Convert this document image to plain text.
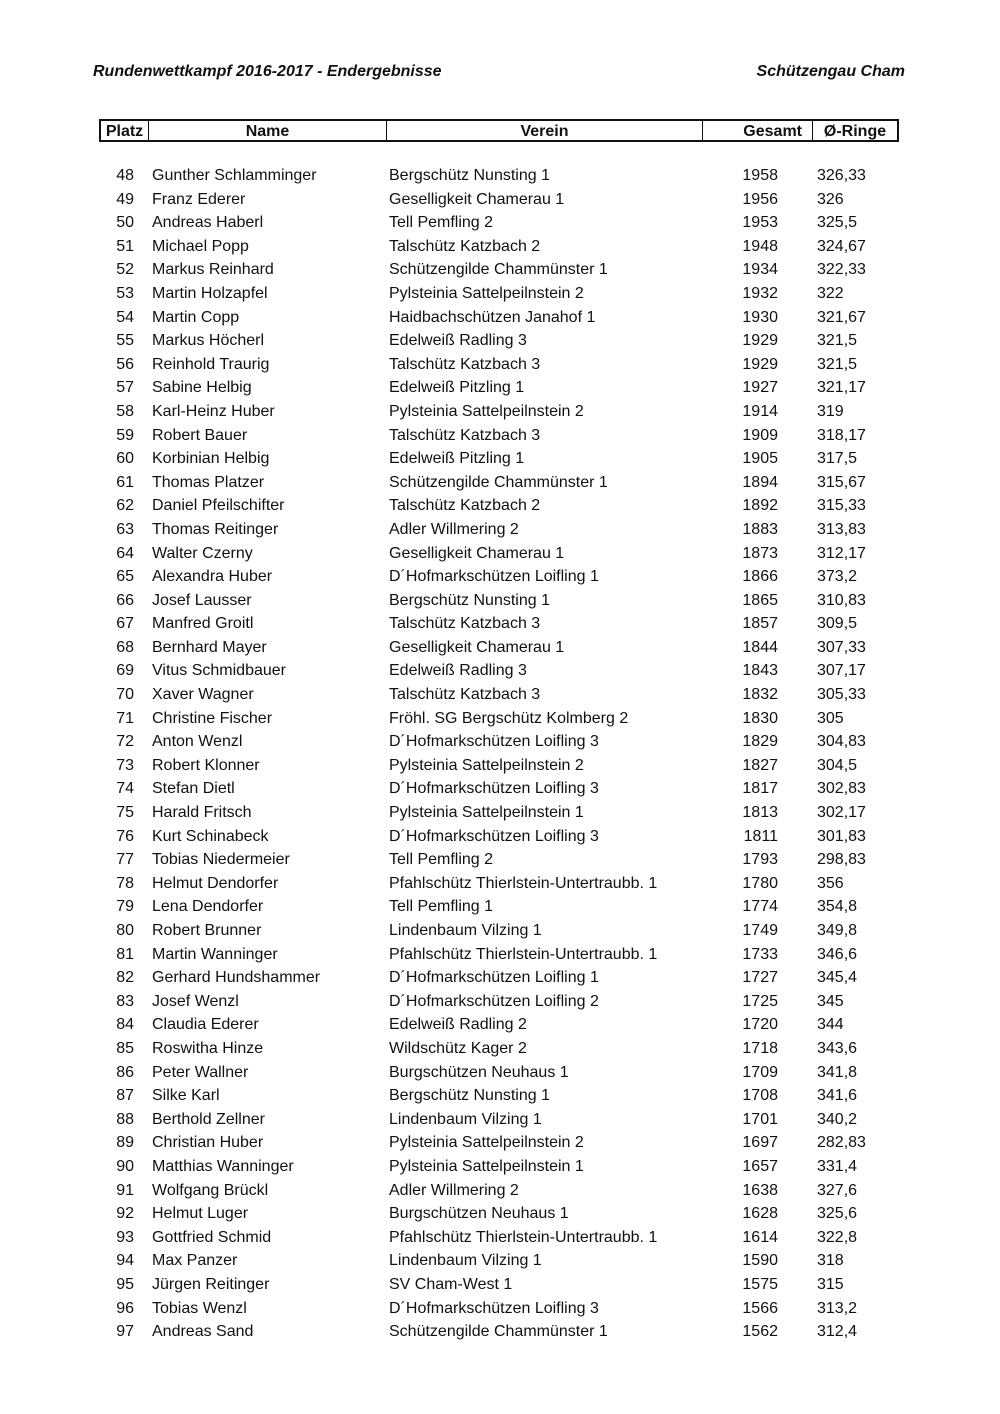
Rundenwettkampf 2016-2017 - Endergebnisse	Schützengau Cham
Platz	Name	Verein	Gesamt	Ø-Ringe
48 Gunther Schlamminger	Bergschütz Nunsting 1	1958 326,33
49 Franz Ederer	Geselligkeit Chamerau 1	1956 326
50 Andreas Haberl	Tell Pemfling 2	1953 325,5
51 Michael Popp	Talschütz Katzbach 2	1948 324,67
52 Markus Reinhard	Schützengilde Chammünster 1	1934 322,33
53 Martin Holzapfel	Pylsteinia Sattelpeilnstein 2	1932 322
54 Martin Copp	Haidbachschützen Janahof 1	1930 321,67
55 Markus Höcherl	Edelweiß Radling 3	1929 321,5
56 Reinhold Traurig	Talschütz Katzbach 3	1929 321,5
57 Sabine Helbig	Edelweiß Pitzling 1	1927 321,17
58 Karl-Heinz Huber	Pylsteinia Sattelpeilnstein 2	1914 319
59 Robert Bauer	Talschütz Katzbach 3	1909 318,17
60 Korbinian Helbig	Edelweiß Pitzling 1	1905 317,5
61 Thomas Platzer	Schützengilde Chammünster 1	1894 315,67
62 Daniel Pfeilschifter	Talschütz Katzbach 2	1892 315,33
63 Thomas Reitinger	Adler Willmering 2	1883 313,83
64 Walter Czerny	Geselligkeit Chamerau 1	1873 312,17
65 Alexandra Huber	D´Hofmarkschützen Loifling 1	1866 373,2
66 Josef Lausser	Bergschütz Nunsting 1	1865 310,83
67 Manfred Groitl	Talschütz Katzbach 3	1857 309,5
68 Bernhard Mayer	Geselligkeit Chamerau 1	1844 307,33
69 Vitus Schmidbauer	Edelweiß Radling 3	1843 307,17
70 Xaver Wagner	Talschütz Katzbach 3	1832 305,33
71 Christine Fischer	Fröhl. SG Bergschütz Kolmberg 2	1830 305
72 Anton Wenzl	D´Hofmarkschützen Loifling 3	1829 304,83
73 Robert Klonner	Pylsteinia Sattelpeilnstein 2	1827 304,5
74 Stefan Dietl	D´Hofmarkschützen Loifling 3	1817 302,83
75 Harald Fritsch	Pylsteinia Sattelpeilnstein 1	1813 302,17
76 Kurt Schinabeck	D´Hofmarkschützen Loifling 3	1811 301,83
77 Tobias Niedermeier	Tell Pemfling 2	1793 298,83
78 Helmut Dendorfer	Pfahlschütz Thierlstein-Untertraubb. 1	1780 356
79 Lena Dendorfer	Tell Pemfling 1	1774 354,8
80 Robert Brunner	Lindenbaum Vilzing 1	1749 349,8
81 Martin Wanninger	Pfahlschütz Thierlstein-Untertraubb. 1	1733 346,6
82 Gerhard Hundshammer	D´Hofmarkschützen Loifling 1	1727 345,4
83 Josef Wenzl	D´Hofmarkschützen Loifling 2	1725 345
84 Claudia Ederer	Edelweiß Radling 2	1720 344
85 Roswitha Hinze	Wildschütz Kager 2	1718 343,6
86 Peter Wallner	Burgschützen Neuhaus 1	1709 341,8
87 Silke Karl	Bergschütz Nunsting 1	1708 341,6
88 Berthold Zellner	Lindenbaum Vilzing 1	1701 340,2
89 Christian Huber	Pylsteinia Sattelpeilnstein 2	1697 282,83
90 Matthias Wanninger	Pylsteinia Sattelpeilnstein 1	1657 331,4
91 Wolfgang Brückl	Adler Willmering 2	1638 327,6
92 Helmut Luger	Burgschützen Neuhaus 1	1628 325,6
93 Gottfried Schmid	Pfahlschütz Thierlstein-Untertraubb. 1	1614 322,8
94 Max Panzer	Lindenbaum Vilzing 1	1590 318
95 Jürgen Reitinger	SV Cham-West 1	1575 315
96 Tobias Wenzl	D´Hofmarkschützen Loifling 3	1566 313,2
97 Andreas Sand	Schützengilde Chammünster 1	1562 312,4
